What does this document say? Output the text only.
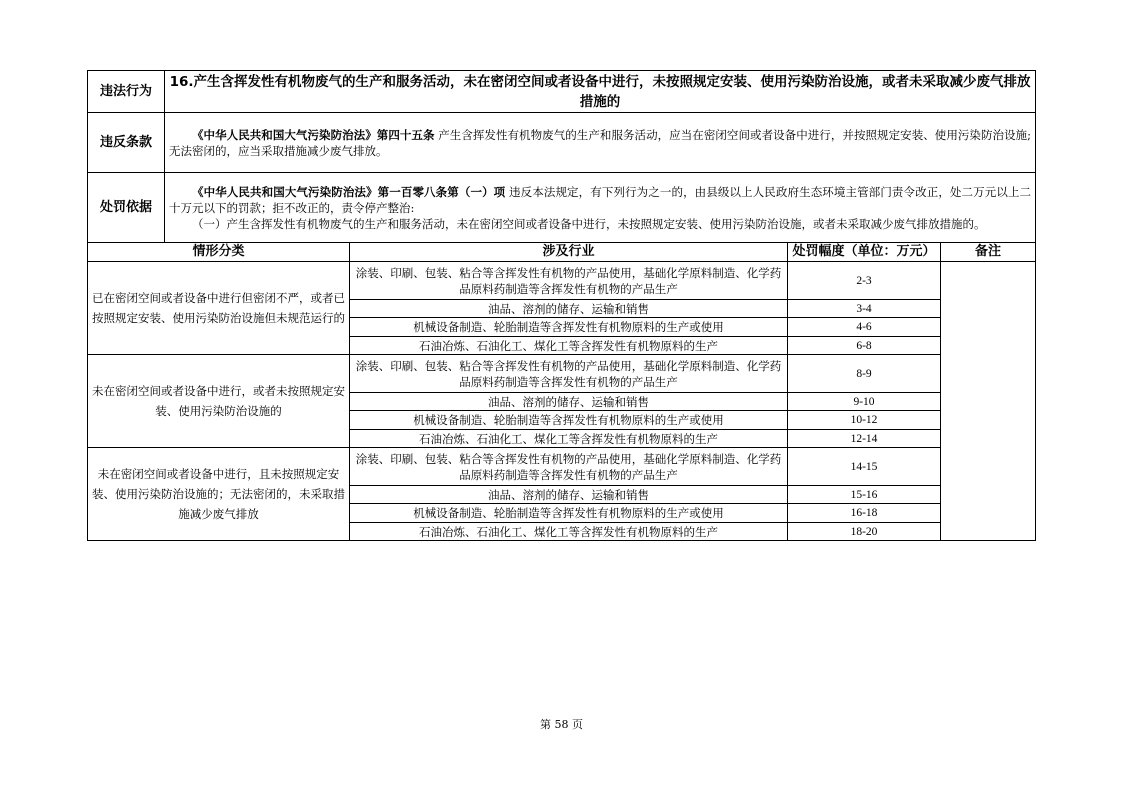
违法行为	16.产生含挥发性有机物废气的生产和服务活动，未在密闭空间或者设备中进行，未按照规定安装、使用污染防治设施，或者未采取减少废气排放措施的			
违反条款	《中华人民共和国大气污染防治法》第四十五条 产生含挥发性有机物废气的生产和服务活动，应当在密闭空间或者设备中进行，并按照规定安装、使用污染防治设施;无法密闭的，应当采取措施减少废气排放。			

处罚依据	《中华人民共和国大气污染防治法》第一百零八条第（一）项 违反本法规定，有下列行为之一的，由县级以上人民政府生态环境主管部门责令改正，处二万元以上二十万元以下的罚款；拒不改正的，责令停产整治:

（一）产生含挥发性有机物废气的生产和服务活动，未在密闭空间或者设备中进行，未按照规定安装、使用污染防治设施，或者未采取减少废气排放措施的。			

情形分类		涉及行业	处罚幅度（单位：万元）	备注
已在密闭空间或者设备中进行但密闭不严，或者已按照规定安装、使用污染防治设施但未规范运行的		涂装、印刷、包装、粘合等含挥发性有机物的产品使用，基础化学原料制造、化学药品原料药制造等含挥发性有机物的产品生产	2-3	
		油品、溶剂的储存、运输和销售	3-4	
		机械设备制造、轮胎制造等含挥发性有机物原料的生产或使用	4-6	
		石油冶炼、石油化工、煤化工等含挥发性有机物原料的生产	6-8	
未在密闭空间或者设备中进行，或者未按照规定安装、使用污染防治设施的		涂装、印刷、包装、粘合等含挥发性有机物的产品使用，基础化学原料制造、化学药品原料药制造等含挥发性有机物的产品生产	8-9	
		油品、溶剂的储存、运输和销售	9-10	
		机械设备制造、轮胎制造等含挥发性有机物原料的生产或使用	10-12	
		石油冶炼、石油化工、煤化工等含挥发性有机物原料的生产	12-14	
未在密闭空间或者设备中进行，且未按照规定安装、使用污染防治设施的；无法密闭的，未采取措施减少废气排放		涂装、印刷、包装、粘合等含挥发性有机物的产品使用，基础化学原料制造、化学药品原料药制造等含挥发性有机物的产品生产	14-15	
		油品、溶剂的储存、运输和销售	15-16	
		机械设备制造、轮胎制造等含挥发性有机物原料的生产或使用	16-18	
		石油冶炼、石油化工、煤化工等含挥发性有机物原料的生产	18-20	
第 58 页
